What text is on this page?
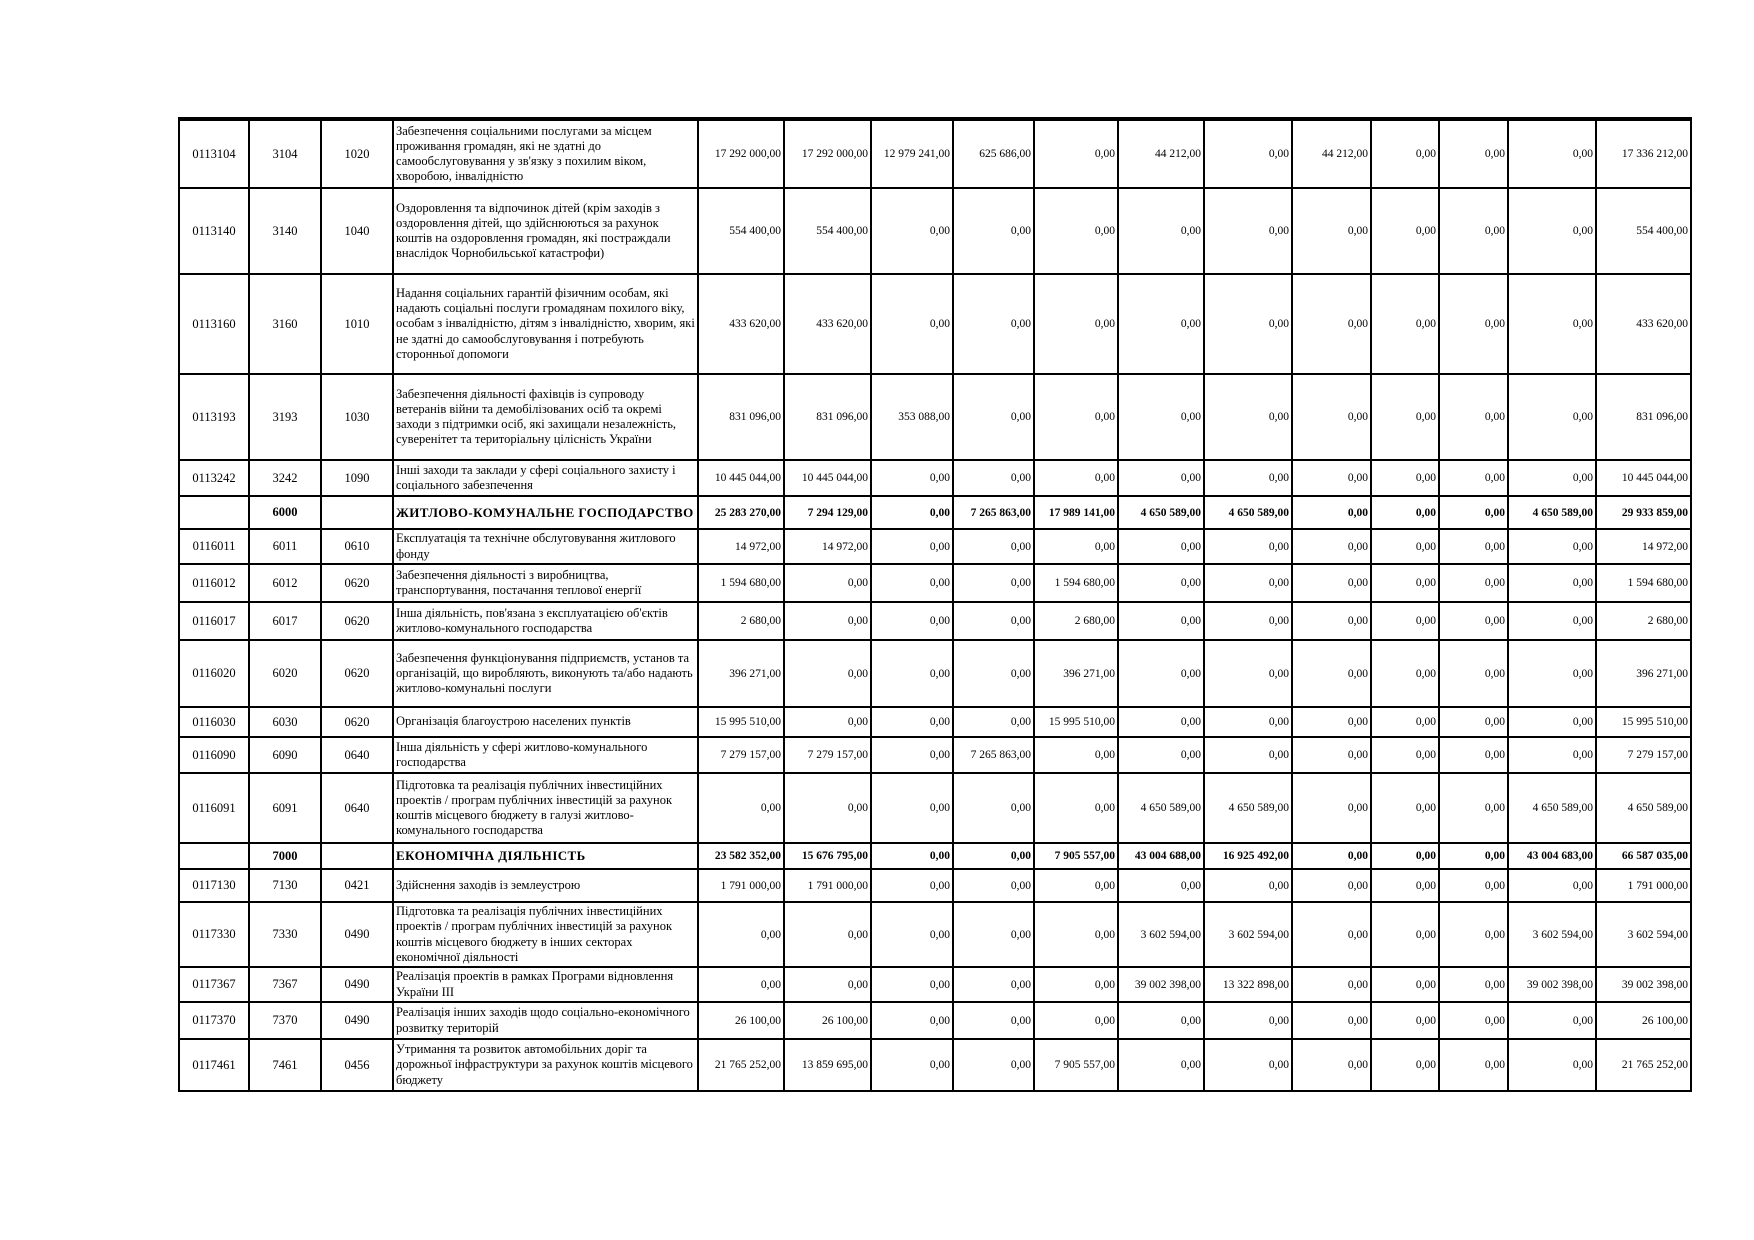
0113104	3104	1020	Забезпечення соціальними послугами за місцем проживання громадян, які не здатні до самообслуговування у зв'язку з похилим віком, хворобою, інвалідністю	17 292 000,00	17 292 000,00	12 979 241,00	625 686,00	0,00	44 212,00	0,00	44 212,00	0,00	0,00	0,00	17 336 212,00
0113140	3140	1040	Оздоровлення та відпочинок дітей (крім заходів з оздоровлення дітей, що здійснюються за рахунок коштів на оздоровлення громадян, які постраждали внаслідок Чорнобильської катастрофи)	554 400,00	554 400,00	0,00	0,00	0,00	0,00	0,00	0,00	0,00	0,00	0,00	554 400,00
0113160	3160	1010	Надання соціальних гарантій фізичним особам, які надають соціальні послуги громадянам похилого віку, особам з інвалідністю, дітям з інвалідністю, хворим, які не здатні до самообслуговування і потребують сторонньої допомоги	433 620,00	433 620,00	0,00	0,00	0,00	0,00	0,00	0,00	0,00	0,00	0,00	433 620,00
0113193	3193	1030	Забезпечення діяльності фахівців із супроводу ветеранів війни та демобілізованих осіб та окремі заходи з підтримки осіб, які захищали незалежність, суверенітет та територіальну цілісність України	831 096,00	831 096,00	353 088,00	0,00	0,00	0,00	0,00	0,00	0,00	0,00	0,00	831 096,00
0113242	3242	1090	Інші заходи та заклади у сфері соціального захисту і соціального забезпечення	10 445 044,00	10 445 044,00	0,00	0,00	0,00	0,00	0,00	0,00	0,00	0,00	0,00	10 445 044,00
	6000		ЖИТЛОВО-КОМУНАЛЬНЕ ГОСПОДАРСТВО	25 283 270,00	7 294 129,00	0,00	7 265 863,00	17 989 141,00	4 650 589,00	4 650 589,00	0,00	0,00	0,00	4 650 589,00	29 933 859,00
0116011	6011	0610	Експлуатація та технічне обслуговування житлового фонду	14 972,00	14 972,00	0,00	0,00	0,00	0,00	0,00	0,00	0,00	0,00	0,00	14 972,00
0116012	6012	0620	Забезпечення діяльності з виробництва, транспортування, постачання теплової енергії	1 594 680,00	0,00	0,00	0,00	1 594 680,00	0,00	0,00	0,00	0,00	0,00	0,00	1 594 680,00
0116017	6017	0620	Інша діяльність, пов'язана з експлуатацією об'єктів житлово-комунального господарства	2 680,00	0,00	0,00	0,00	2 680,00	0,00	0,00	0,00	0,00	0,00	0,00	2 680,00
0116020	6020	0620	Забезпечення функціонування підприємств, установ та організацій, що виробляють, виконують та/або надають житлово-комунальні послуги	396 271,00	0,00	0,00	0,00	396 271,00	0,00	0,00	0,00	0,00	0,00	0,00	396 271,00
0116030	6030	0620	Організація благоустрою населених пунктів	15 995 510,00	0,00	0,00	0,00	15 995 510,00	0,00	0,00	0,00	0,00	0,00	0,00	15 995 510,00
0116090	6090	0640	Інша діяльність у сфері житлово-комунального господарства	7 279 157,00	7 279 157,00	0,00	7 265 863,00	0,00	0,00	0,00	0,00	0,00	0,00	0,00	7 279 157,00
0116091	6091	0640	Підготовка та реалізація публічних інвестиційних проектів / програм публічних інвестицій за рахунок коштів місцевого бюджету в галузі житлово-комунального господарства	0,00	0,00	0,00	0,00	0,00	4 650 589,00	4 650 589,00	0,00	0,00	0,00	4 650 589,00	4 650 589,00
	7000		ЕКОНОМІЧНА ДІЯЛЬНІСТЬ	23 582 352,00	15 676 795,00	0,00	0,00	7 905 557,00	43 004 688,00	16 925 492,00	0,00	0,00	0,00	43 004 683,00	66 587 035,00
0117130	7130	0421	Здійснення заходів із землеустрою	1 791 000,00	1 791 000,00	0,00	0,00	0,00	0,00	0,00	0,00	0,00	0,00	0,00	1 791 000,00
0117330	7330	0490	Підготовка та реалізація публічних інвестиційних проектів / програм публічних інвестицій за рахунок коштів місцевого бюджету в інших секторах економічної діяльності	0,00	0,00	0,00	0,00	0,00	3 602 594,00	3 602 594,00	0,00	0,00	0,00	3 602 594,00	3 602 594,00
0117367	7367	0490	Реалізація проектів в рамках Програми відновлення України ІІІ	0,00	0,00	0,00	0,00	0,00	39 002 398,00	13 322 898,00	0,00	0,00	0,00	39 002 398,00	39 002 398,00
0117370	7370	0490	Реалізація інших заходів щодо соціально-економічного розвитку територій	26 100,00	26 100,00	0,00	0,00	0,00	0,00	0,00	0,00	0,00	0,00	0,00	26 100,00
0117461	7461	0456	Утримання та розвиток автомобільних доріг та дорожньої інфраструктури за рахунок коштів місцевого бюджету	21 765 252,00	13 859 695,00	0,00	0,00	7 905 557,00	0,00	0,00	0,00	0,00	0,00	0,00	21 765 252,00
